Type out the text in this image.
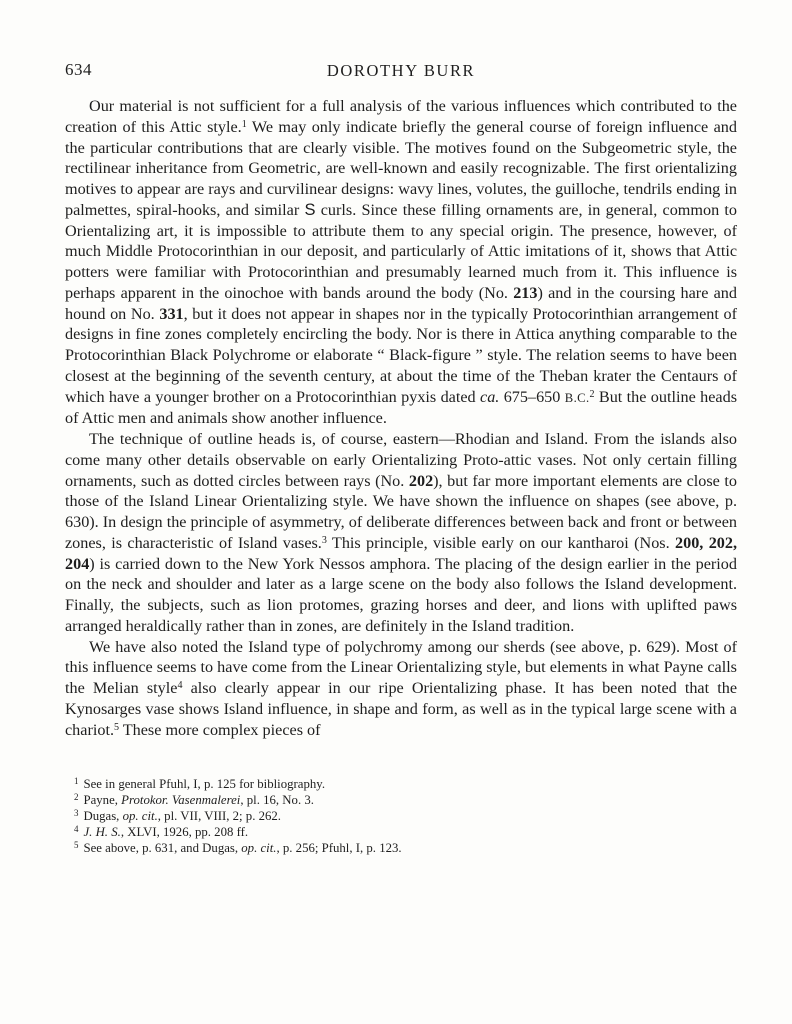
634	DOROTHY BURR

Our material is not sufficient for a full analysis of the various influences which contributed to the creation of this Attic style.$^1$ We may only indicate briefly the general course of foreign influence and the particular contributions that are clearly visible. The motives found on the Subgeometric style, the rectilinear inheritance from Geometric, are well-known and easily recognizable. The first orientalizing motives to appear are rays and curvilinear designs: wavy lines, volutes, the guilloche, tendrils ending in palmettes, spiral-hooks, and similar S curls. Since these filling ornaments are, in general, common to Orientalizing art, it is impossible to attribute them to any special origin. The presence, however, of much Middle Protocorinthian in our deposit, and particularly of Attic imitations of it, shows that Attic potters were familiar with Protocorinthian and presumably learned much from it. This influence is perhaps apparent in the oinochoe with bands around the body (No. 213) and in the coursing hare and hound on No. 331, but it does not appear in shapes nor in the typically Protocorinthian arrangement of designs in fine zones completely encircling the body. Nor is there in Attica anything comparable to the Protocorinthian Black Polychrome or elaborate “ Black-figure ” style. The relation seems to have been closest at the beginning of the seventh century, at about the time of the Theban krater the Centaurs of which have a younger brother on a Protocorinthian pyxis dated ca. 675–650 B.C.$^2$ But the outline heads of Attic men and animals show another influence.

The technique of outline heads is, of course, eastern—Rhodian and Island. From the islands also come many other details observable on early Orientalizing Proto-attic vases. Not only certain filling ornaments, such as dotted circles between rays (No. 202), but far more important elements are close to those of the Island Linear Orientalizing style. We have shown the influence on shapes (see above, p. 630). In design the principle of asymmetry, of deliberate differences between back and front or between zones, is characteristic of Island vases.$^3$ This principle, visible early on our kantharoi (Nos. 200, 202, 204) is carried down to the New York Nessos amphora. The placing of the design earlier in the period on the neck and shoulder and later as a large scene on the body also follows the Island development. Finally, the subjects, such as lion protomes, grazing horses and deer, and lions with uplifted paws arranged heraldically rather than in zones, are definitely in the Island tradition.

We have also noted the Island type of polychromy among our sherds (see above, p. 629). Most of this influence seems to have come from the Linear Orientalizing style, but elements in what Payne calls the Melian style$^4$ also clearly appear in our ripe Orientalizing phase. It has been noted that the Kynosarges vase shows Island influence, in shape and form, as well as in the typical large scene with a chariot.$^5$ These more complex pieces of

$^1$ See in general Pfuhl, I, p. 125 for bibliography.

$^2$ Payne, Protokor. Vasenmalerei, pl. 16, No. 3.

$^3$ Dugas, op. cit., pl. VII, VIII, 2; p. 262.

$^4$ J. H. S., XLVI, 1926, pp. 208 ff.

$^5$ See above, p. 631, and Dugas, op. cit., p. 256; Pfuhl, I, p. 123.
